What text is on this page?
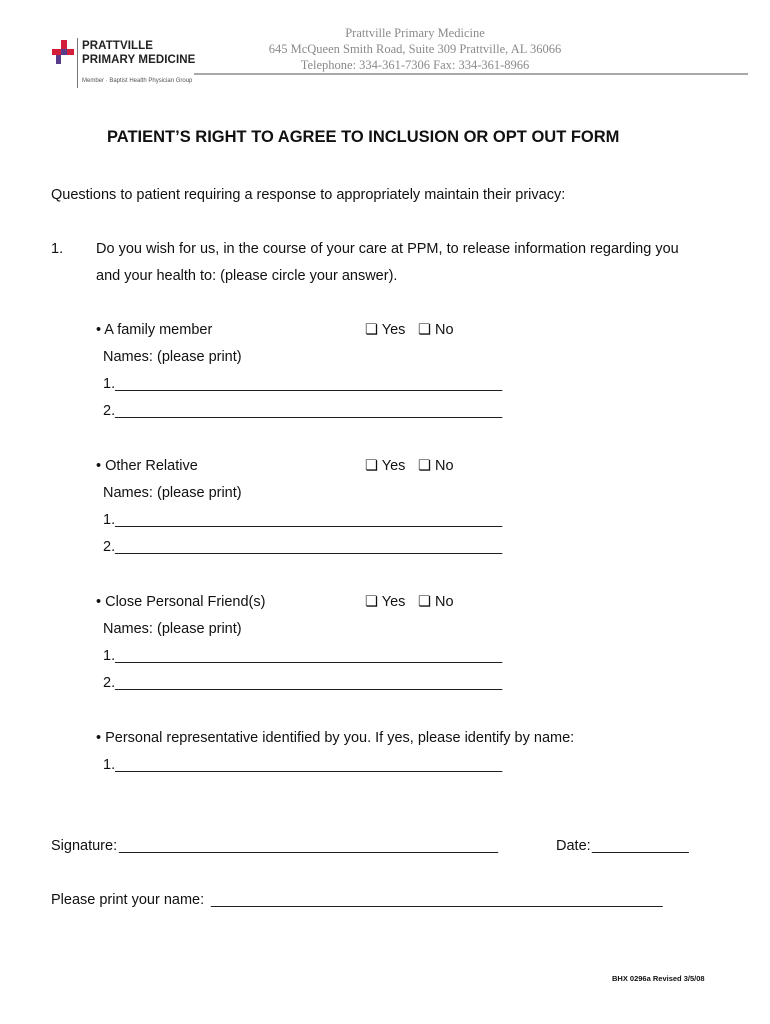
PRATTVILLE
PRIMARY MEDICINE
Member · Baptist Health Physician Group
Prattville Primary Medicine
645 McQueen Smith Road, Suite 309 Prattville, AL 36066
Telephone: 334-361-7306 Fax: 334-361-8966
PATIENT’S RIGHT TO AGREE TO INCLUSION OR OPT OUT FORM
Questions to patient requiring a response to appropriately maintain their privacy:
1. Do you wish for us, in the course of your care at PPM, to release information regarding you
and your health to: (please circle your answer).
• A family member	❏ Yes ❏ No
Names: (please print)
1.________________________________________________
2.________________________________________________
• Other Relative	❏ Yes ❏ No
Names: (please print)
1.________________________________________________
2.________________________________________________
• Close Personal Friend(s)	❏ Yes ❏ No
Names: (please print)
1.________________________________________________
2.________________________________________________
• Personal representative identified by you. If yes, please identify by name:
1.________________________________________________
Signature: _______________________________________________	Date: ____________
Please print your name: ________________________________________________________
BHX 0296a Revised 3/5/08
